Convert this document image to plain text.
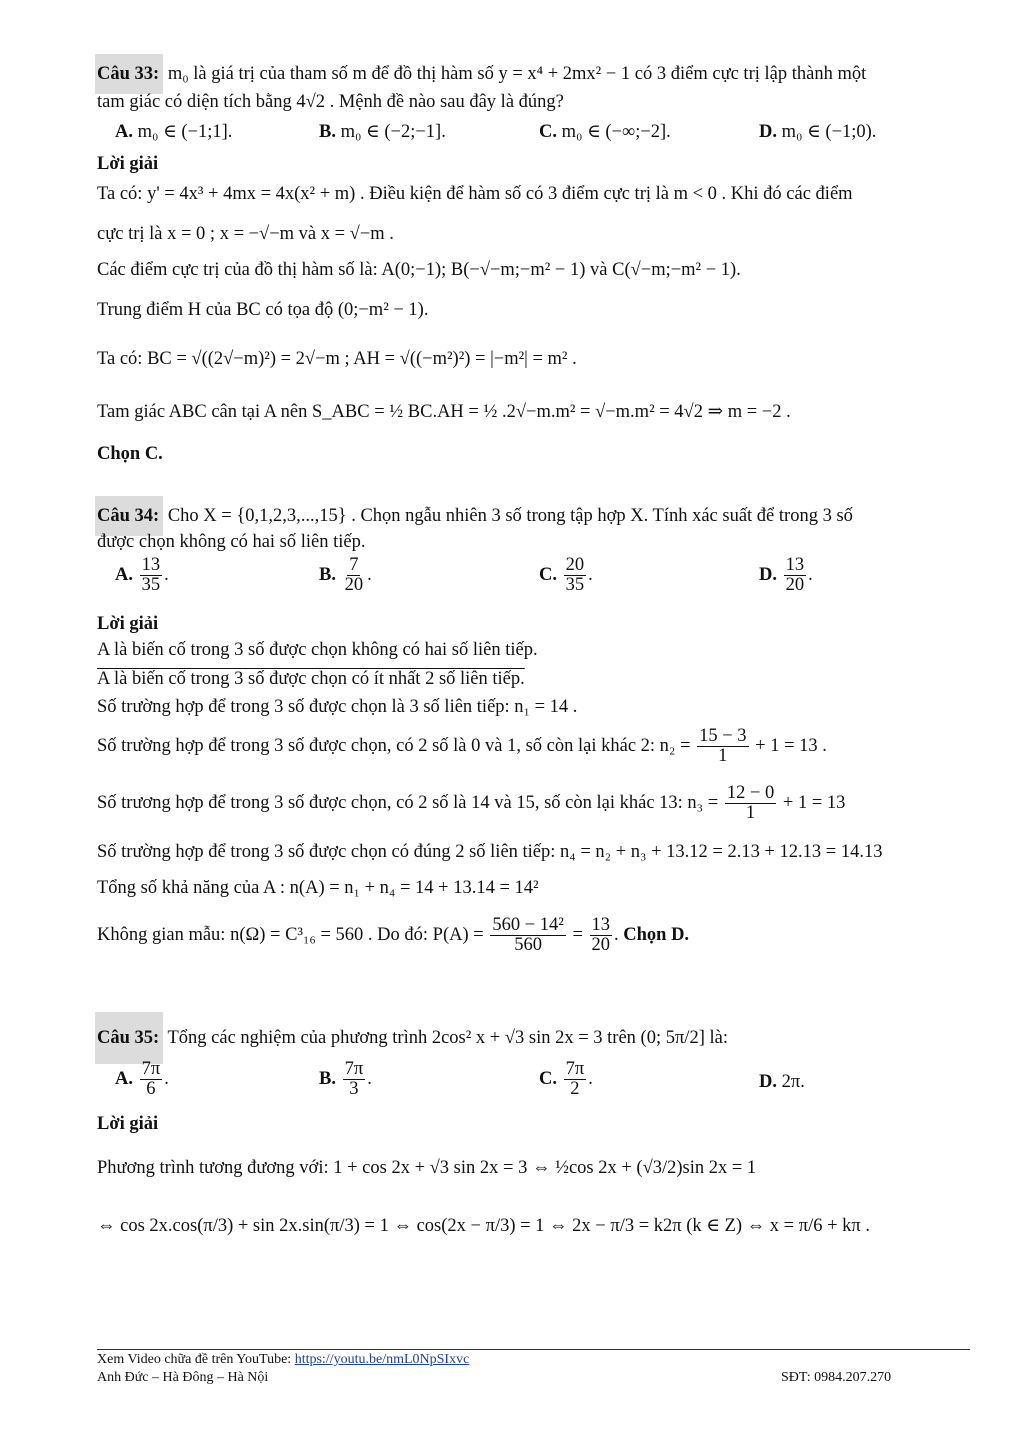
Câu 33: m₀ là giá trị của tham số m để đồ thị hàm số y = x⁴ + 2mx² − 1 có 3 điểm cực trị lập thành một
tam giác có diện tích bằng 4√2 . Mệnh đề nào sau đây là đúng?
A. m₀ ∈ (−1;1].	B. m₀ ∈ (−2;−1].	C. m₀ ∈ (−∞;−2].	D. m₀ ∈ (−1;0).
Lời giải
Ta có: y' = 4x³ + 4mx = 4x(x² + m) . Điều kiện để hàm số có 3 điểm cực trị là m < 0 . Khi đó các điểm
cực trị là x = 0 ; x = −√−m và x = √−m .
Các điểm cực trị của đồ thị hàm số là: A(0;−1); B(−√−m;−m² − 1) và C(√−m;−m² − 1).
Trung điểm H của BC có tọa độ (0;−m² − 1).
Ta có: BC = √((2√−m)²) = 2√−m ; AH = √((−m²)²) = |−m²| = m² .
Tam giác ABC cân tại A nên S_ABC = ½ BC.AH = ½ .2√−m.m² = √−m.m² = 4√2 ⇒ m = −2 .
Chọn C.
Câu 34: Cho X = {0,1,2,3,...,15} . Chọn ngẫu nhiên 3 số trong tập hợp X. Tính xác suất để trong 3 số
được chọn không có hai số liên tiếp.
A. $\frac{13}{35}$ .	B. $\frac{7}{20}$ .	C. $\frac{20}{35}$ .	D. $\frac{13}{20}$ .
Lời giải
A là biến cố trong 3 số được chọn không có hai số liên tiếp.
A là biến cố trong 3 số được chọn có ít nhất 2 số liên tiếp.
Số trường hợp để trong 3 số được chọn là 3 số liên tiếp: n₁ = 14 .
Số trường hợp để trong 3 số được chọn, có 2 số là 0 và 1, số còn lại khác 2: $n_2 = \frac{15 - 3}{1} + 1 = 13$ .
Số trương hợp để trong 3 số được chọn, có 2 số là 14 và 15, số còn lại khác 13: $n_3 = \frac{12 - 0}{1} + 1 = 13$
Số trường hợp để trong 3 số được chọn có đúng 2 số liên tiếp: n₄ = n₂ + n₃ + 13.12 = 2.13 + 12.13 = 14.13
Tổng số khả năng của A : n(A) = n₁ + n₄ = 14 + 13.14 = 14²
Không gian mẫu: n(Ω) = C³₁₆ = 560 . Do đó: $P(A) = \frac{\text{560 − 14²}}{560} = \frac{13}{20}$ . Chọn D.
Câu 35: Tổng các nghiệm của phương trình 2cos² x + √3 sin 2x = 3 trên (0; 5π/2] là:
A. $\frac{7\pi}{6}$ .	B. $\frac{7\pi}{3}$ .	C. $\frac{7\pi}{2}$ .	D. 2π.
Lời giải
Phương trình tương đương với: 1 + cos 2x + √3 sin 2x = 3 ⇔ ½cos 2x + (√3/2)sin 2x = 1
⇔ cos 2x.cos(π/3) + sin 2x.sin(π/3) = 1 ⇔ cos(2x − π/3) = 1 ⇔ 2x − π/3 = k2π (k ∈ Z) ⇔ x = π/6 + kπ .
Xem Video chữa đề trên YouTube: https://youtu.be/nmL0NpSIxvc
Anh Đức – Hà Đông – Hà Nội	SĐT: 0984.207.270
